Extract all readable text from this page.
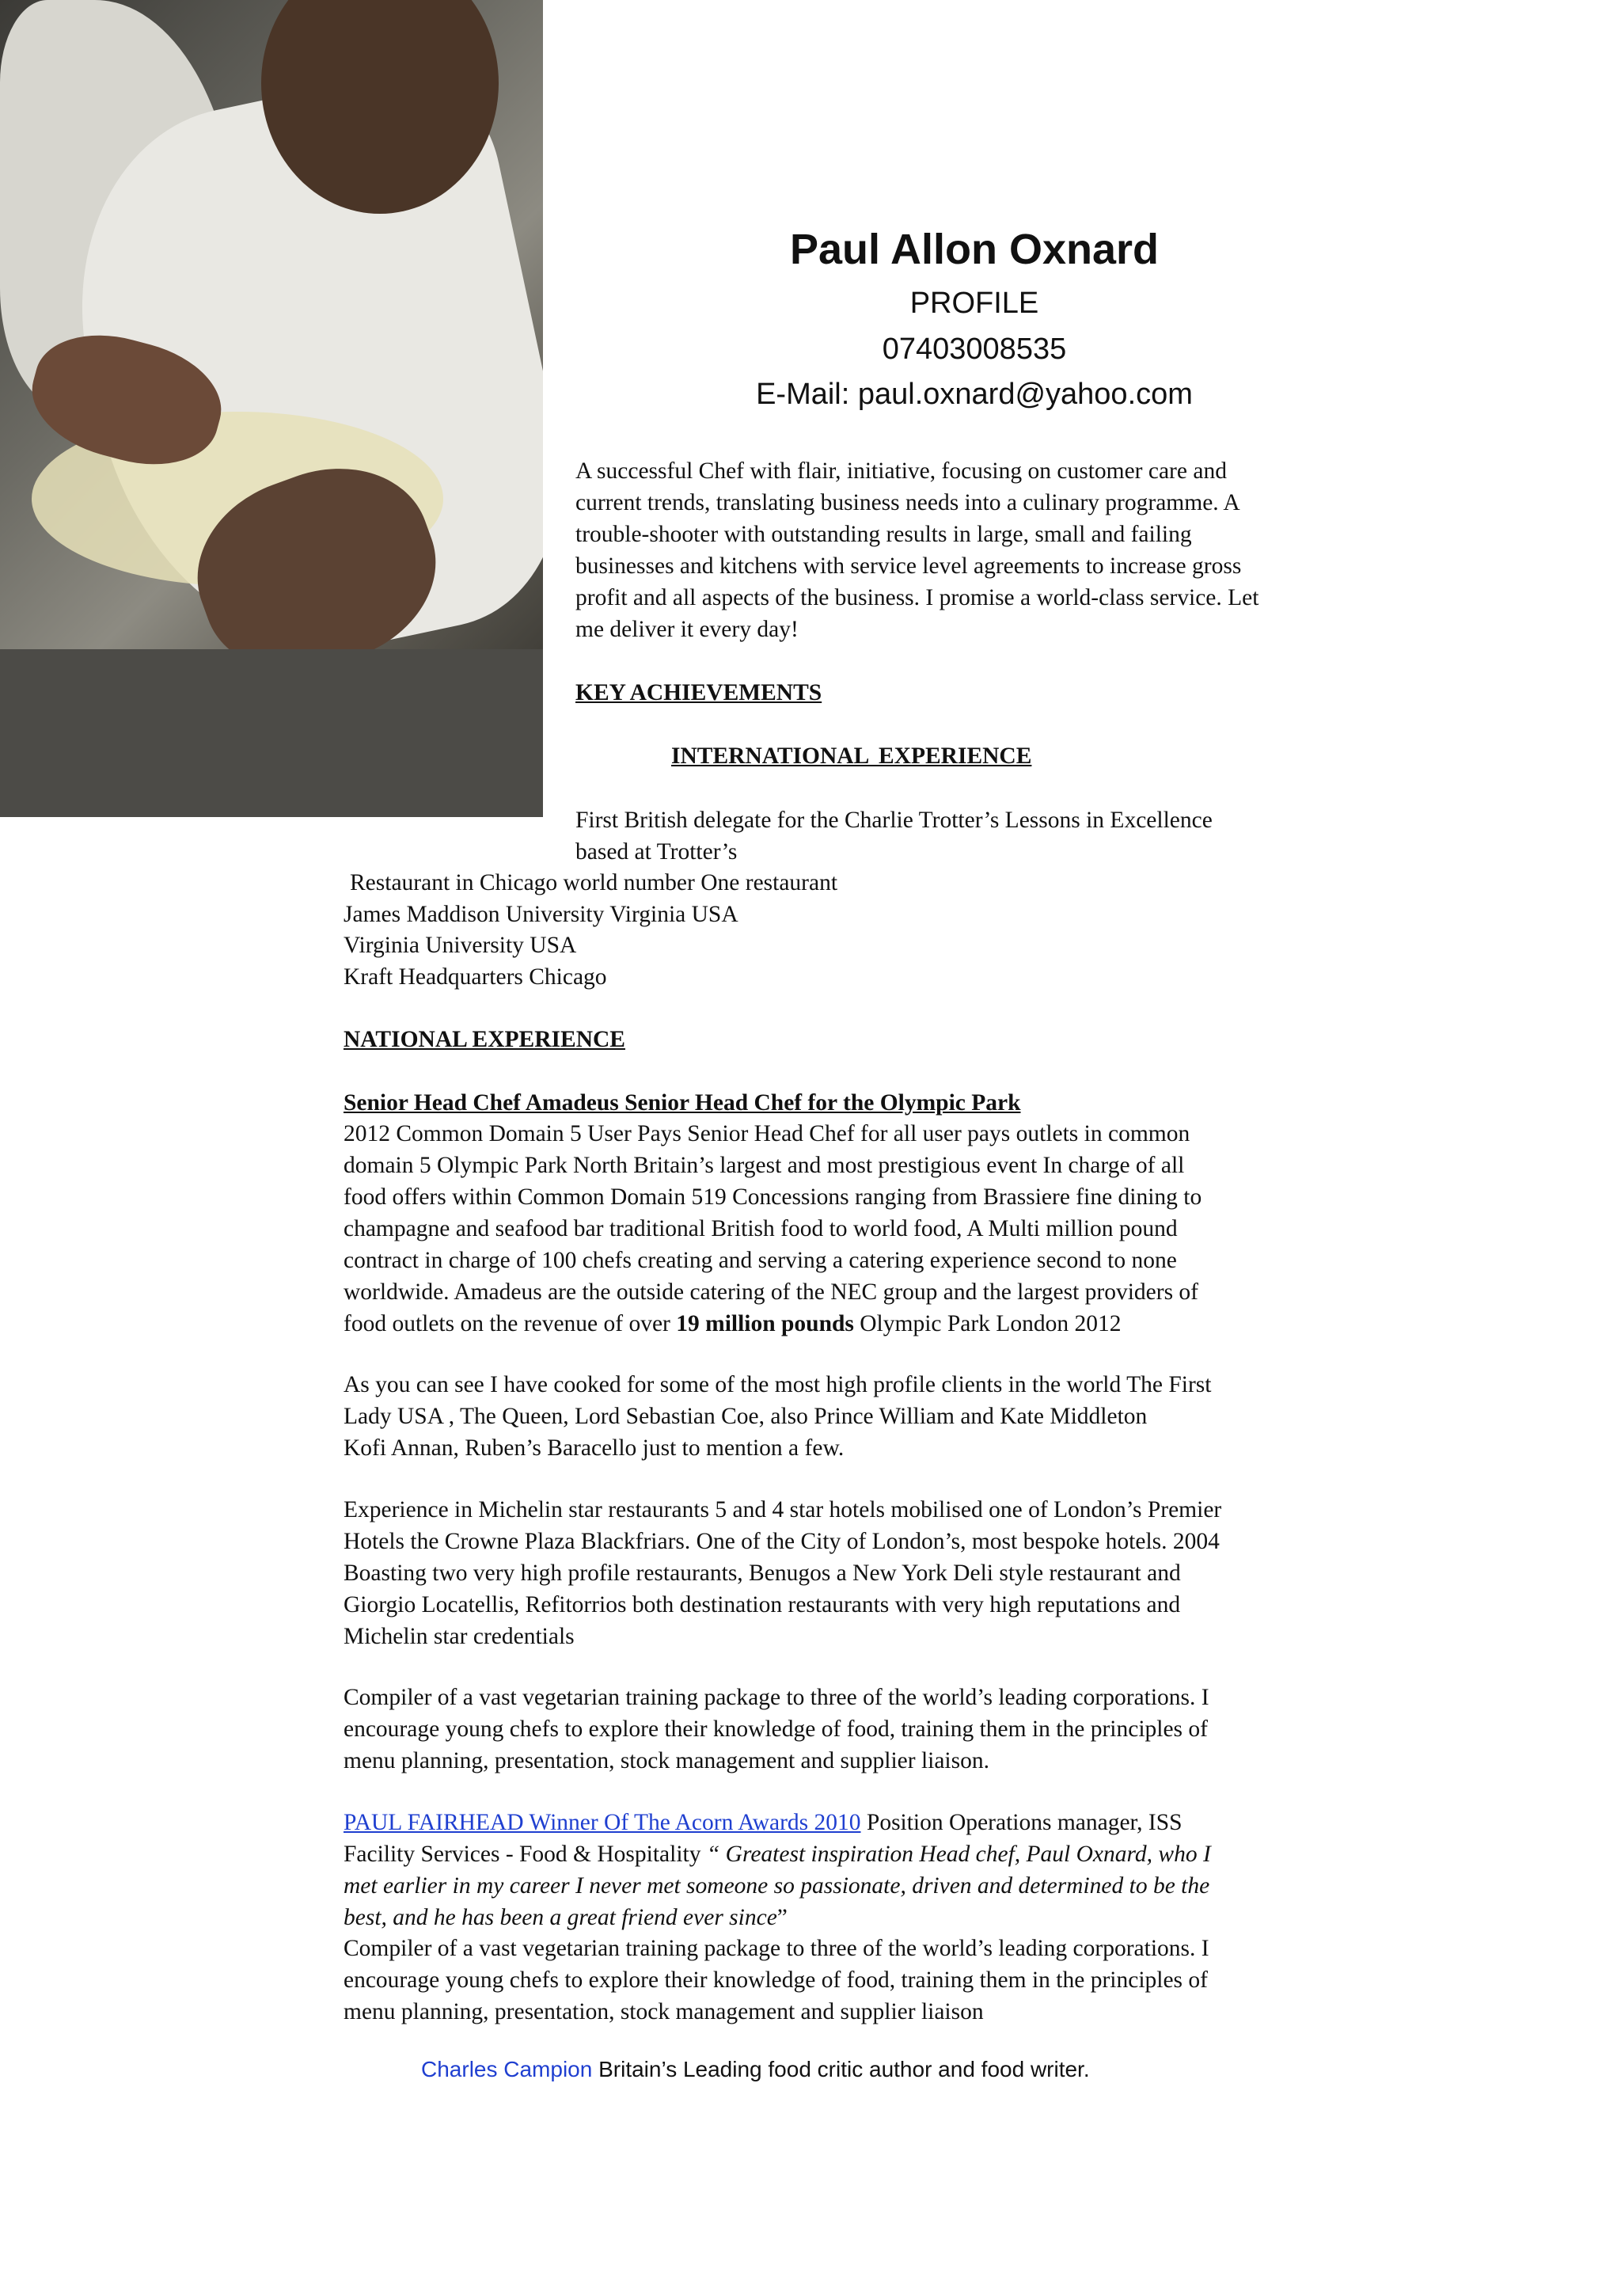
Paul Allon Oxnard
PROFILE
07403008535
E-Mail: paul.oxnard@yahoo.com
A successful Chef with flair, initiative, focusing on customer care and
current trends, translating business needs into a culinary programme. A
trouble-shooter with outstanding results in large, small and failing
businesses and kitchens with service level agreements to increase gross
profit and all aspects of the business. I promise a world-class service. Let
me deliver it every day!
KEY ACHIEVEMENTS
INTERNATIONAL EXPERIENCE
First British delegate for the Charlie Trotter’s Lessons in Excellence
based at Trotter’s
Restaurant in Chicago world number One restaurant
James Maddison University Virginia USA
Virginia University USA
Kraft Headquarters Chicago
NATIONAL EXPERIENCE
Senior Head Chef Amadeus Senior Head Chef for the Olympic Park
2012 Common Domain 5 User Pays Senior Head Chef for all user pays outlets in common
domain 5 Olympic Park North Britain’s largest and most prestigious event In charge of all
food offers within Common Domain 519 Concessions ranging from Brassiere fine dining to
champagne and seafood bar traditional British food to world food, A Multi million pound
contract in charge of 100 chefs creating and serving a catering experience second to none
worldwide. Amadeus are the outside catering of the NEC group and the largest providers of
food outlets on the revenue of over 19 million pounds Olympic Park London 2012
As you can see I have cooked for some of the most high profile clients in the world The First
Lady USA , The Queen, Lord Sebastian Coe, also Prince William and Kate Middleton
Kofi Annan, Ruben’s Baracello just to mention a few.
Experience in Michelin star restaurants 5 and 4 star hotels mobilised one of London’s Premier
Hotels the Crowne Plaza Blackfriars. One of the City of London’s, most bespoke hotels. 2004
Boasting two very high profile restaurants, Benugos a New York Deli style restaurant and
Giorgio Locatellis, Refitorrios both destination restaurants with very high reputations and
Michelin star credentials
Compiler of a vast vegetarian training package to three of the world’s leading corporations. I
encourage young chefs to explore their knowledge of food, training them in the principles of
menu planning, presentation, stock management and supplier liaison.
PAUL FAIRHEAD Winner Of The Acorn Awards 2010 Position Operations manager, ISS
Facility Services - Food & Hospitality “ Greatest inspiration Head chef, Paul Oxnard, who I
met earlier in my career I never met someone so passionate, driven and determined to be the
best, and he has been a great friend ever since”
Compiler of a vast vegetarian training package to three of the world’s leading corporations. I
encourage young chefs to explore their knowledge of food, training them in the principles of
menu planning, presentation, stock management and supplier liaison
Charles Campion Britain’s Leading food critic author and food writer.
